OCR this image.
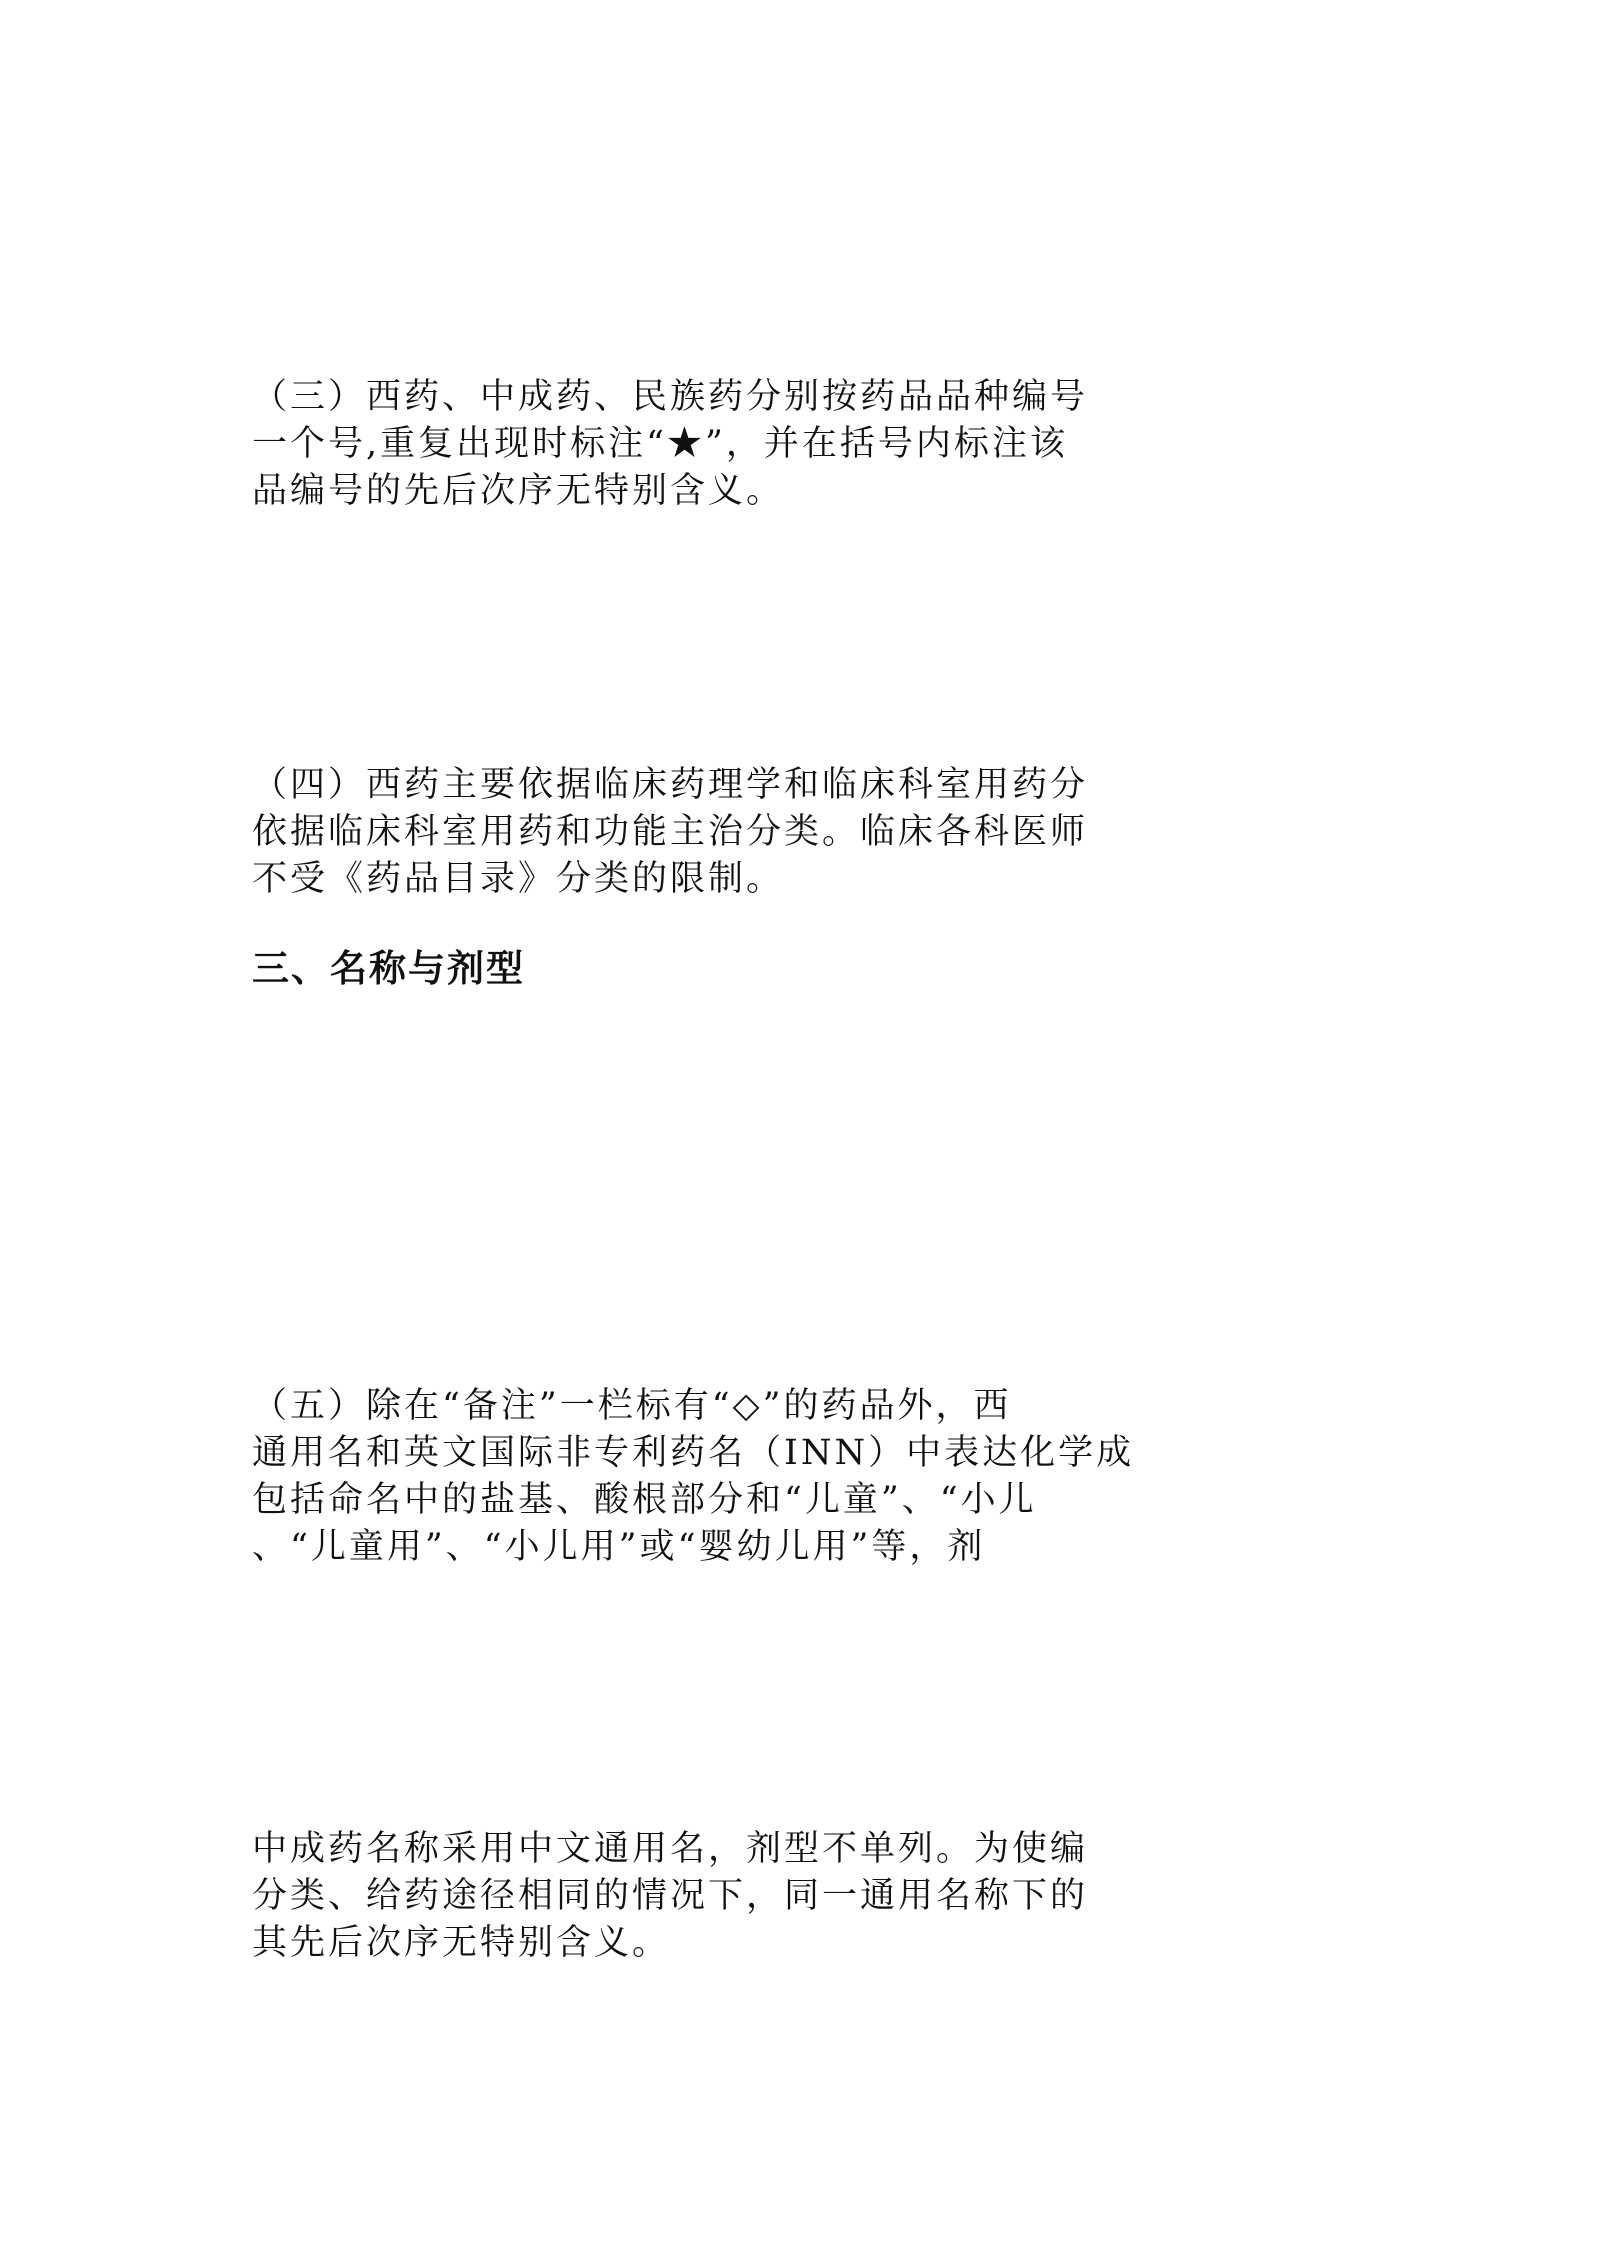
（三）西药、中成药、民族药分别按药品品种编号
一个号,重复出现时标注“★”，并在括号内标注该
品编号的先后次序无特别含义。
（四）西药主要依据临床药理学和临床科室用药分
依据临床科室用药和功能主治分类。临床各科医师
不受《药品目录》分类的限制。
三、名称与剂型
（五）除在“备注”一栏标有“◇”的药品外，西
通用名和英文国际非专利药名（INN）中表达化学成
包括命名中的盐基、酸根部分和“儿童”、“小儿
、“儿童用”、“小儿用”或“婴幼儿用”等，剂
中成药名称采用中文通用名，剂型不单列。为使编
分类、给药途径相同的情况下，同一通用名称下的
其先后次序无特别含义。
